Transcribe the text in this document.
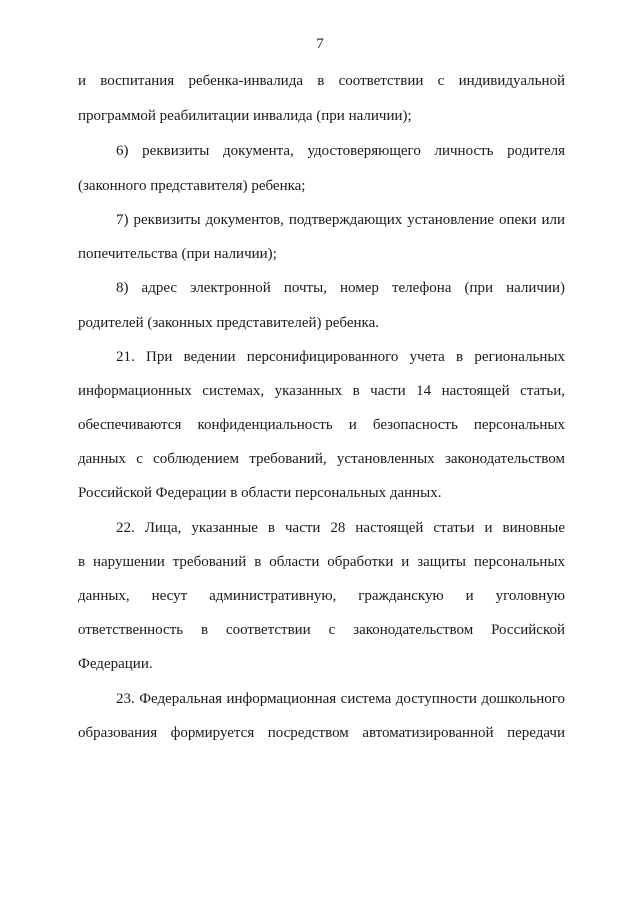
7
и воспитания ребенка-инвалида в соответствии с индивидуальной
программой реабилитации инвалида (при наличии);
6) реквизиты документа, удостоверяющего личность родителя
(законного представителя) ребенка;
7) реквизиты документов, подтверждающих установление опеки или
попечительства (при наличии);
8) адрес электронной почты, номер телефона (при наличии)
родителей (законных представителей) ребенка.
21. При ведении персонифицированного учета в региональных
информационных системах, указанных в части 14 настоящей статьи,
обеспечиваются конфиденциальность и безопасность персональных
данных с соблюдением требований, установленных законодательством
Российской Федерации в области персональных данных.
22. Лица, указанные в части 28 настоящей статьи и виновные
в нарушении требований в области обработки и защиты персональных
данных, несут административную, гражданскую и уголовную
ответственность в соответствии с законодательством Российской
Федерации.
23. Федеральная информационная система доступности дошкольного
образования формируется посредством автоматизированной передачи
